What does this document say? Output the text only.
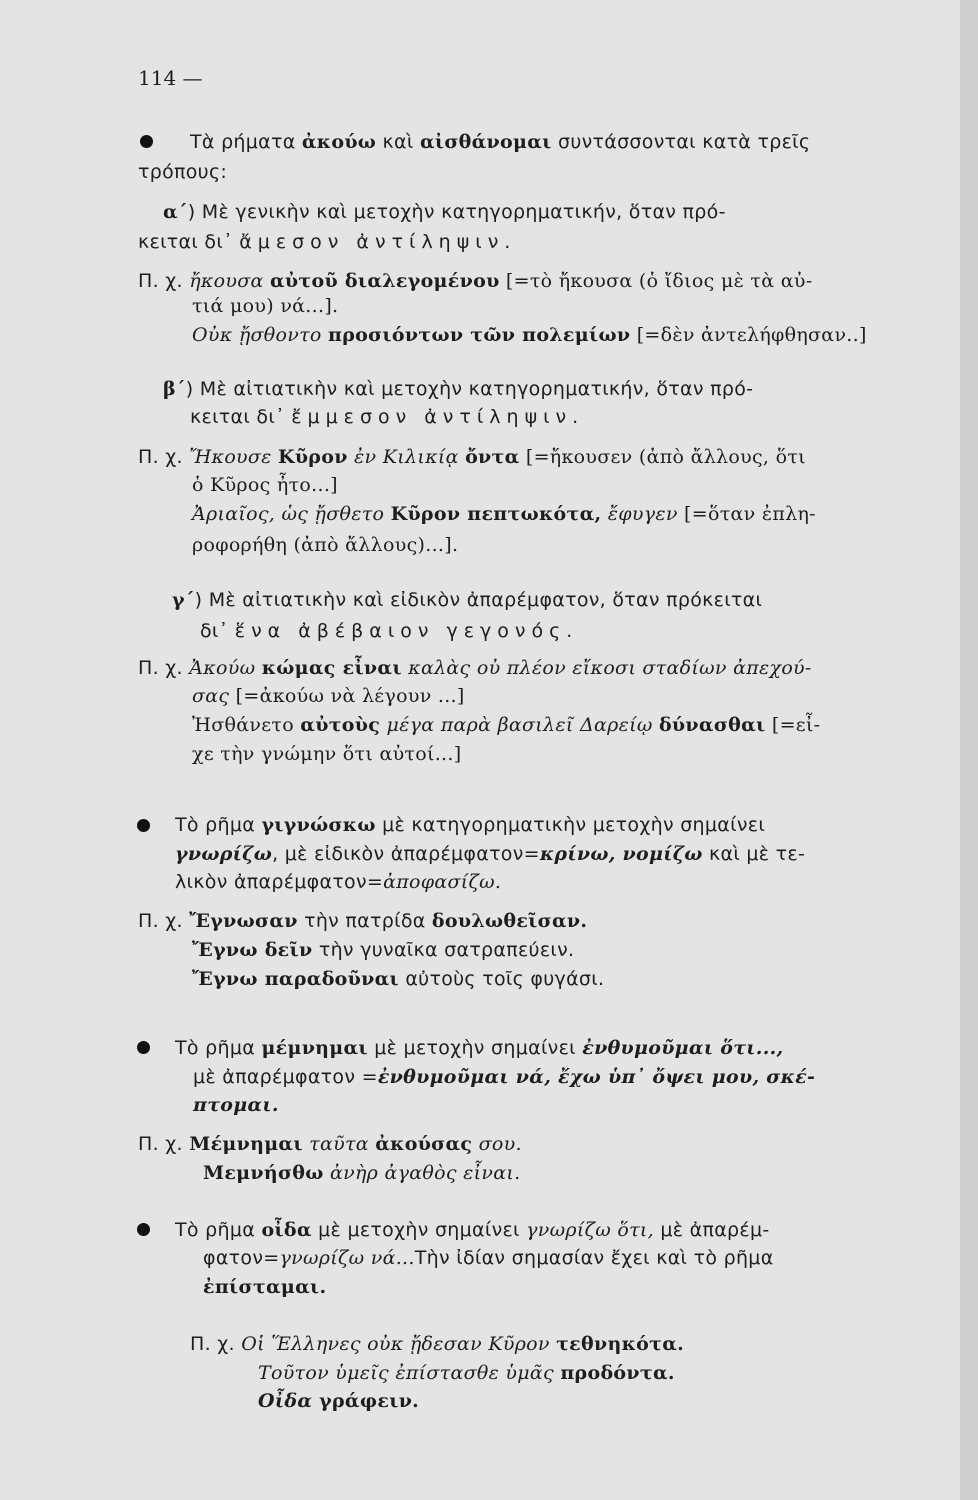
114 —
Τὰ ρήματα ἀκούω καὶ αἰσθάνομαι συντάσσονται κατὰ τρεῖς
τρόπους:
α΄) Μὲ γενικὴν καὶ μετοχὴν κατηγορηματικήν, ὅταν πρό-
κειται δι᾽ ἄμεσον ἀντίληψιν.
Π. χ. ἤκουσα αὐτοῦ διαλεγομένου [=τὸ ἤκουσα (ὁ ἴδιος μὲ τὰ αὐ-
τιά μου) νά...].
Οὐκ ᾔσθοντο προσιόντων τῶν πολεμίων [=δὲν ἀντελήφθησαν..]
β΄) Μὲ αἰτιατικὴν καὶ μετοχὴν κατηγορηματικήν, ὅταν πρό-
κειται δι᾽ ἔμμεσον ἀντίληψιν.
Π. χ. Ἤκουσε Κῦρον ἐν Κιλικίᾳ ὄντα [=ἤκουσεν (ἀπὸ ἄλλους, ὅτι
ὁ Κῦρος ἦτο...]
Ἀριαῖος, ὡς ᾔσθετο Κῦρον πεπτωκότα, ἔφυγεν [=ὅταν ἐπλη-
ροφορήθη (ἀπὸ ἄλλους)...].
γ΄) Μὲ αἰτιατικὴν καὶ εἰδικὸν ἀπαρέμφατον, ὅταν πρόκειται
δι᾽ ἕνα ἀβέβαιον γεγονός.
Π. χ. Ἀκούω κώμας εἶναι καλὰς οὐ πλέον εἴκοσι σταδίων ἀπεχού-
σας [=ἀκούω νὰ λέγουν ...]
Ἠσθάνετο αὐτοὺς μέγα παρὰ βασιλεῖ Δαρείῳ δύνασθαι [=εἶ-
χε τὴν γνώμην ὅτι αὐτοί...]
Τὸ ρῆμα γιγνώσκω μὲ κατηγορηματικὴν μετοχὴν σημαίνει
γνωρίζω, μὲ εἰδικὸν ἀπαρέμφατον=κρίνω, νομίζω καὶ μὲ τε-
λικὸν ἀπαρέμφατον=ἀποφασίζω.
Π. χ. Ἔγνωσαν τὴν πατρίδα δουλωθεῖσαν.
Ἔγνω δεῖν τὴν γυναῖκα σατραπεύειν.
Ἔγνω παραδοῦναι αὐτοὺς τοῖς φυγάσι.
Τὸ ρῆμα μέμνημαι μὲ μετοχὴν σημαίνει ἐνθυμοῦμαι ὅτι...,
μὲ ἀπαρέμφατον =ἐνθυμοῦμαι νά, ἔχω ὑπ᾽ ὄψει μου, σκέ-
πτομαι.
Π. χ. Μέμνημαι ταῦτα ἀκούσας σου.
Μεμνήσθω ἀνὴρ ἀγαθὸς εἶναι.
Τὸ ρῆμα οἶδα μὲ μετοχὴν σημαίνει γνωρίζω ὅτι, μὲ ἀπαρέμ-
φατον=γνωρίζω νά...Τὴν ἰδίαν σημασίαν ἔχει καὶ τὸ ρῆμα
ἐπίσταμαι.
Π. χ. Οἱ Ἕλληνες οὐκ ᾔδεσαν Κῦρον τεθνηκότα.
Τοῦτον ὑμεῖς ἐπίστασθε ὑμᾶς προδόντα.
Οἶδα γράφειν.
